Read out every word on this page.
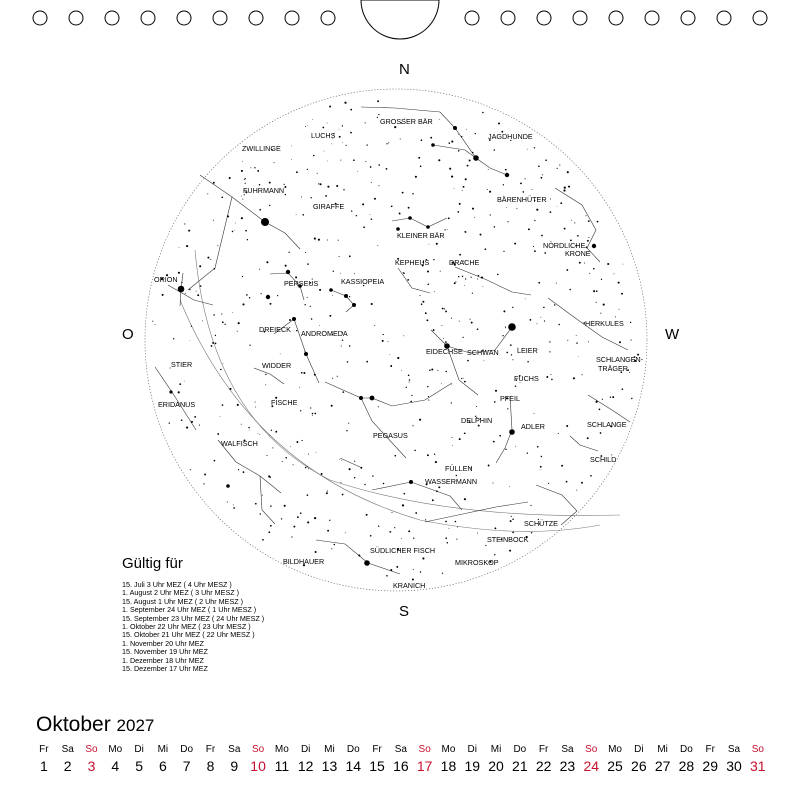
LUCHS
GROSSER BÄR
JAGDHUNDE
ZWILLINGE
FUHRMANN
GIRAFFE
BÄRENHÜTER
KLEINER BÄR
NÖRDLICHE
KRONE
ORION	PERSEUS	KASSIOPEIA
KEPHEUS	DRACHE
HERKULES
DREIECK ANDROMEDA
EIDECHSE SCHWAN	LEIER
SCHLANGEN-
TRÄGER
STIER	WIDDER
FUCHS
ERIDANUS	FISCHE	PFEIL
DELPHIN
ADLER	SCHLANGE
PEGASUS
WALFISCH
SCHILD
FÜLLEN
WASSERMANN
SCHÜTZE
STEINBOCK
SÜDLICHER FISCH
BILDHAUER	MIKROSKOP
KRANICH
N
S
O	W
Gültig für
15. Juli 3 Uhr MEZ ( 4 Uhr MESZ )
1. August 2 Uhr MEZ ( 3 Uhr MESZ )
15. August 1 Uhr MEZ ( 2 Uhr MESZ )
1. September 24 Uhr MEZ ( 1 Uhr MESZ )
15. September 23 Uhr MEZ ( 24 Uhr MESZ )
1. Oktober 22 Uhr MEZ ( 23 Uhr MESZ )
15. Oktober 21 Uhr MEZ ( 22 Uhr MESZ )
1. November 20 Uhr MEZ
15. November 19 Uhr MEZ
1. Dezember 18 Uhr MEZ
15. Dezember 17 Uhr MEZ
Oktober 2027
Fr
1
Sa
2
So
3
Mo
4
Di
5
Mi
6
Do
7
Fr
8
Sa
9
So
10
Mo
11
Di
12
Mi
13
Do
14
Fr
15
Sa
16
So
17
Mo
18
Di
19
Mi
20
Do
21
Fr
22
Sa
23
So
24
Mo
25
Di
26
Mi
27
Do
28
Fr
29
Sa
30
So
31
